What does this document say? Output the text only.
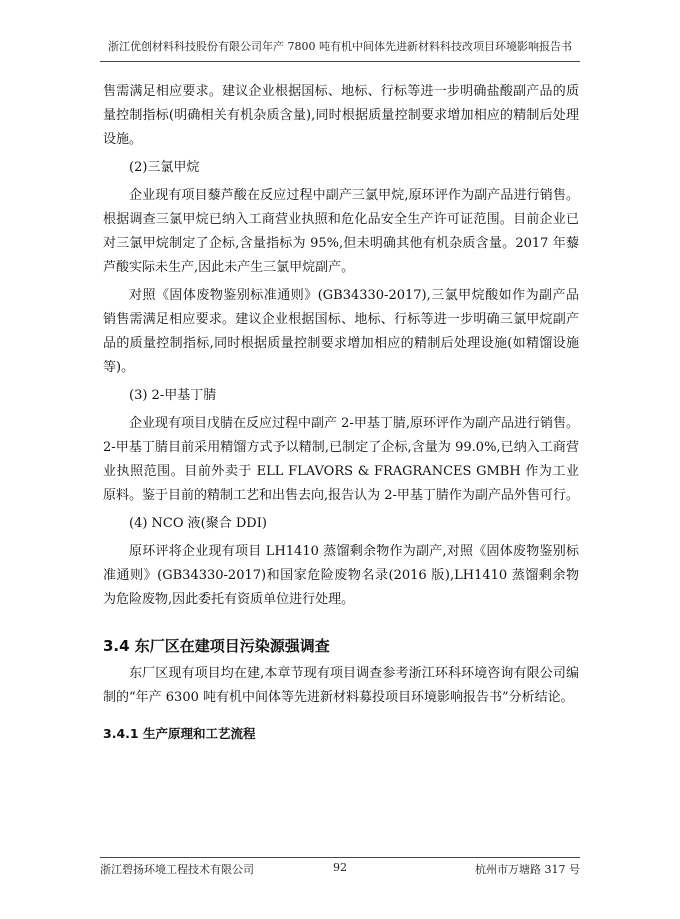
浙江优创材料科技股份有限公司年产 7800 吨有机中间体先进新材料科技改项目环境影响报告书

售需满足相应要求。建议企业根据国标、地标、行标等进一步明确盐酸副产品的质量控制指标(明确相关有机杂质含量),同时根据质量控制要求增加相应的精制后处理设施。

(2)三氯甲烷

企业现有项目藜芦酸在反应过程中副产三氯甲烷,原环评作为副产品进行销售。根据调查三氯甲烷已纳入工商营业执照和危化品安全生产许可证范围。目前企业已对三氯甲烷制定了企标,含量指标为 95%,但未明确其他有机杂质含量。2017 年藜芦酸实际未生产,因此未产生三氯甲烷副产。

对照《固体废物鉴别标准通则》(GB34330-2017),三氯甲烷酸如作为副产品销售需满足相应要求。建议企业根据国标、地标、行标等进一步明确三氯甲烷副产品的质量控制指标,同时根据质量控制要求增加相应的精制后处理设施(如精馏设施等)。

(3) 2-甲基丁腈

企业现有项目戊腈在反应过程中副产 2-甲基丁腈,原环评作为副产品进行销售。2-甲基丁腈目前采用精馏方式予以精制,已制定了企标,含量为 99.0%,已纳入工商营业执照范围。目前外卖于 ELL FLAVORS & FRAGRANCES GMBH 作为工业原料。鉴于目前的精制工艺和出售去向,报告认为 2-甲基丁腈作为副产品外售可行。

(4) NCO 液(聚合 DDI)

原环评将企业现有项目 LH1410 蒸馏剩余物作为副产,对照《固体废物鉴别标准通则》(GB34330-2017)和国家危险废物名录(2016 版),LH1410 蒸馏剩余物为危险废物,因此委托有资质单位进行处理。

3.4 东厂区在建项目污染源强调查

东厂区现有项目均在建,本章节现有项目调查参考浙江环科环境咨询有限公司编制的“年产 6300 吨有机中间体等先进新材料募投项目环境影响报告书”分析结论。

3.4.1 生产原理和工艺流程
浙江碧扬环境工程技术有限公司	92	杭州市万塘路 317 号
